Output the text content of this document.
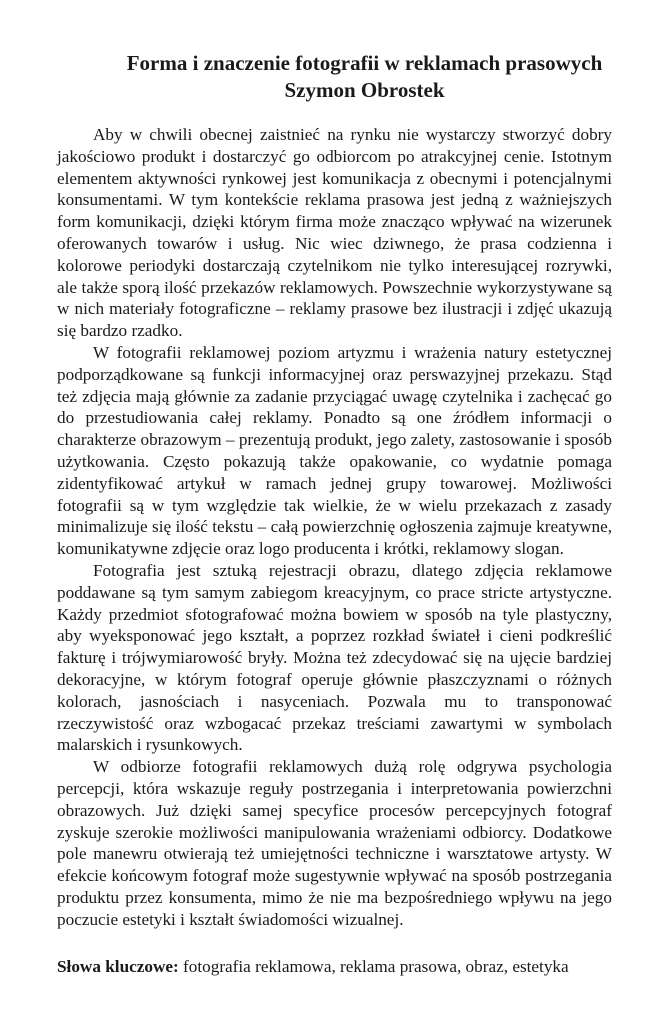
Forma i znaczenie fotografii w reklamach prasowych
Szymon Obrostek

Aby w chwili obecnej zaistnieć na rynku nie wystarczy stworzyć dobry jakościowo produkt i dostarczyć go odbiorcom po atrakcyjnej cenie. Istotnym elementem aktywności rynkowej jest komunikacja z obecnymi i potencjalnymi konsumentami. W tym kontekście reklama prasowa jest jedną z ważniejszych form komunikacji, dzięki którym firma może znacząco wpływać na wizerunek oferowanych towarów i usług. Nic wiec dziwnego, że prasa codzienna i kolorowe periodyki dostarczają czytelnikom nie tylko interesującej rozrywki, ale także sporą ilość przekazów reklamowych. Powszechnie wykorzystywane są w nich materiały fotograficzne – reklamy prasowe bez ilustracji i zdjęć ukazują się bardzo rzadko.

W fotografii reklamowej poziom artyzmu i wrażenia natury estetycznej podporządkowane są funkcji informacyjnej oraz perswazyjnej przekazu. Stąd też zdjęcia mają głównie za zadanie przyciągać uwagę czytelnika i zachęcać go do przestudiowania całej reklamy. Ponadto są one źródłem informacji o charakterze obrazowym – prezentują produkt, jego zalety, zastosowanie i sposób użytkowania. Często pokazują także opakowanie, co wydatnie pomaga zidentyfikować artykuł w ramach jednej grupy towarowej. Możliwości fotografii są w tym względzie tak wielkie, że w wielu przekazach z zasady minimalizuje się ilość tekstu – całą powierzchnię ogłoszenia zajmuje kreatywne, komunikatywne zdjęcie oraz logo producenta i krótki, reklamowy slogan.

Fotografia jest sztuką rejestracji obrazu, dlatego zdjęcia reklamowe poddawane są tym samym zabiegom kreacyjnym, co prace stricte artystyczne. Każdy przedmiot sfotografować można bowiem w sposób na tyle plastyczny, aby wyeksponować jego kształt, a poprzez rozkład świateł i cieni podkreślić fakturę i trójwymiarowość bryły. Można też zdecydować się na ujęcie bardziej dekoracyjne, w którym fotograf operuje głównie płaszczyznami o różnych kolorach, jasnościach i nasyceniach. Pozwala mu to transponować rzeczywistość oraz wzbogacać przekaz treściami zawartymi w symbolach malarskich i rysunkowych.

W odbiorze fotografii reklamowych dużą rolę odgrywa psychologia percepcji, która wskazuje reguły postrzegania i interpretowania powierzchni obrazowych. Już dzięki samej specyfice procesów percepcyjnych fotograf zyskuje szerokie możliwości manipulowania wrażeniami odbiorcy. Dodatkowe pole manewru otwierają też umiejętności techniczne i warsztatowe artysty. W efekcie końcowym fotograf może sugestywnie wpływać na sposób postrzegania produktu przez konsumenta, mimo że nie ma bezpośredniego wpływu na jego poczucie estetyki i kształt świadomości wizualnej.

Słowa kluczowe: fotografia reklamowa, reklama prasowa, obraz, estetyka
